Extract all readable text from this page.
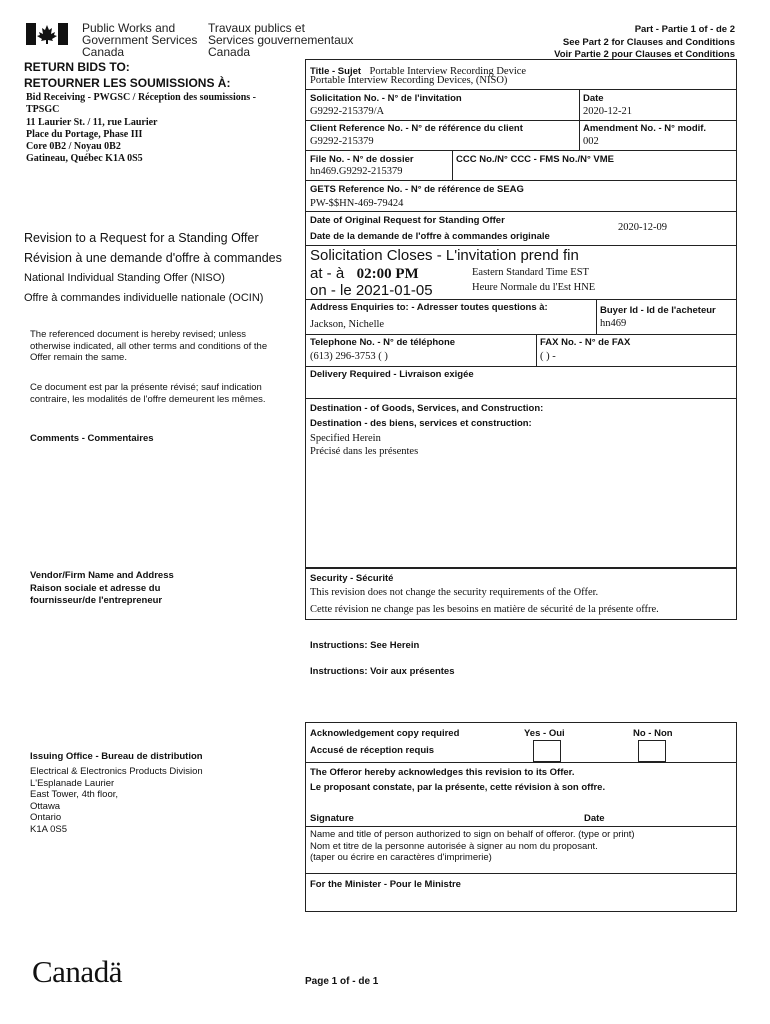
Public Works and
Government Services
Canada
Travaux publics et
Services gouvernementaux
Canada
Part - Partie 1 of - de 2
See Part 2 for Clauses and Conditions
Voir Partie 2 pour Clauses et Conditions
RETURN BIDS TO:
RETOURNER LES SOUMISSIONS À:
Bid Receiving - PWGSC / Réception des soumissions -
TPSGC
11 Laurier St. / 11, rue Laurier
Place du Portage, Phase III
Core 0B2 / Noyau 0B2
Gatineau, Québec K1A 0S5
Revision to a Request for a Standing Offer
Révision à une demande d'offre à commandes
National Individual Standing Offer (NISO)
Offre à commandes individuelle nationale (OCIN)
The referenced document is hereby revised; unless otherwise indicated, all other terms and conditions of the Offer remain the same.
Ce document est par la présente révisé; sauf indication contraire, les modalités de l'offre demeurent les mêmes.
Comments - Commentaires
Vendor/Firm Name and Address
Raison sociale et adresse du
fournisseur/de l'entrepreneur
Issuing Office - Bureau de distribution
Electrical & Electronics Products Division
L'Esplanade Laurier
East Tower, 4th floor,
Ottawa
Ontario
K1A 0S5
Title - Sujet Portable Interview Recording Device
Portable Interview Recording Devices, (NISO)
Solicitation No. - N° de l'invitation
G9292-215379/A
Date
2020-12-21
Client Reference No. - N° de référence du client
G9292-215379
Amendment No. - N° modif.
002
File No. - N° de dossier
hn469.G9292-215379
CCC No./N° CCC - FMS No./N° VME
GETS Reference No. - N° de référence de SEAG
PW-$$HN-469-79424
Date of Original Request for Standing Offer
Date de la demande de l'offre à commandes originale
2020-12-09
Solicitation Closes - L'invitation prend fin
at - à 02:00 PM
on - le 2021-01-05
Eastern Standard Time EST
Heure Normale du l'Est HNE
Address Enquiries to: - Adresser toutes questions à:
Jackson, Nichelle
Buyer Id - Id de l'acheteur
hn469
Telephone No. - N° de téléphone
(613) 296-3753 ( )
FAX No. - N° de FAX
( ) -
Delivery Required - Livraison exigée
Destination - of Goods, Services, and Construction:
Destination - des biens, services et construction:
Specified Herein
Précisé dans les présentes
Security - Sécurité
This revision does not change the security requirements of the Offer.
Cette révision ne change pas les besoins en matière de sécurité de la présente offre.
Instructions: See Herein
Instructions: Voir aux présentes
Acknowledgement copy required
Accusé de réception requis
Yes - Oui	No - Non
The Offeror hereby acknowledges this revision to its Offer.
Le proposant constate, par la présente, cette révision à son offre.
Signature	Date
Name and title of person authorized to sign on behalf of offeror. (type or print)
Nom et titre de la personne autorisée à signer au nom du proposant.
(taper ou écrire en caractères d'imprimerie)
For the Minister - Pour le Ministre
Canadä	Page 1 of - de 1
